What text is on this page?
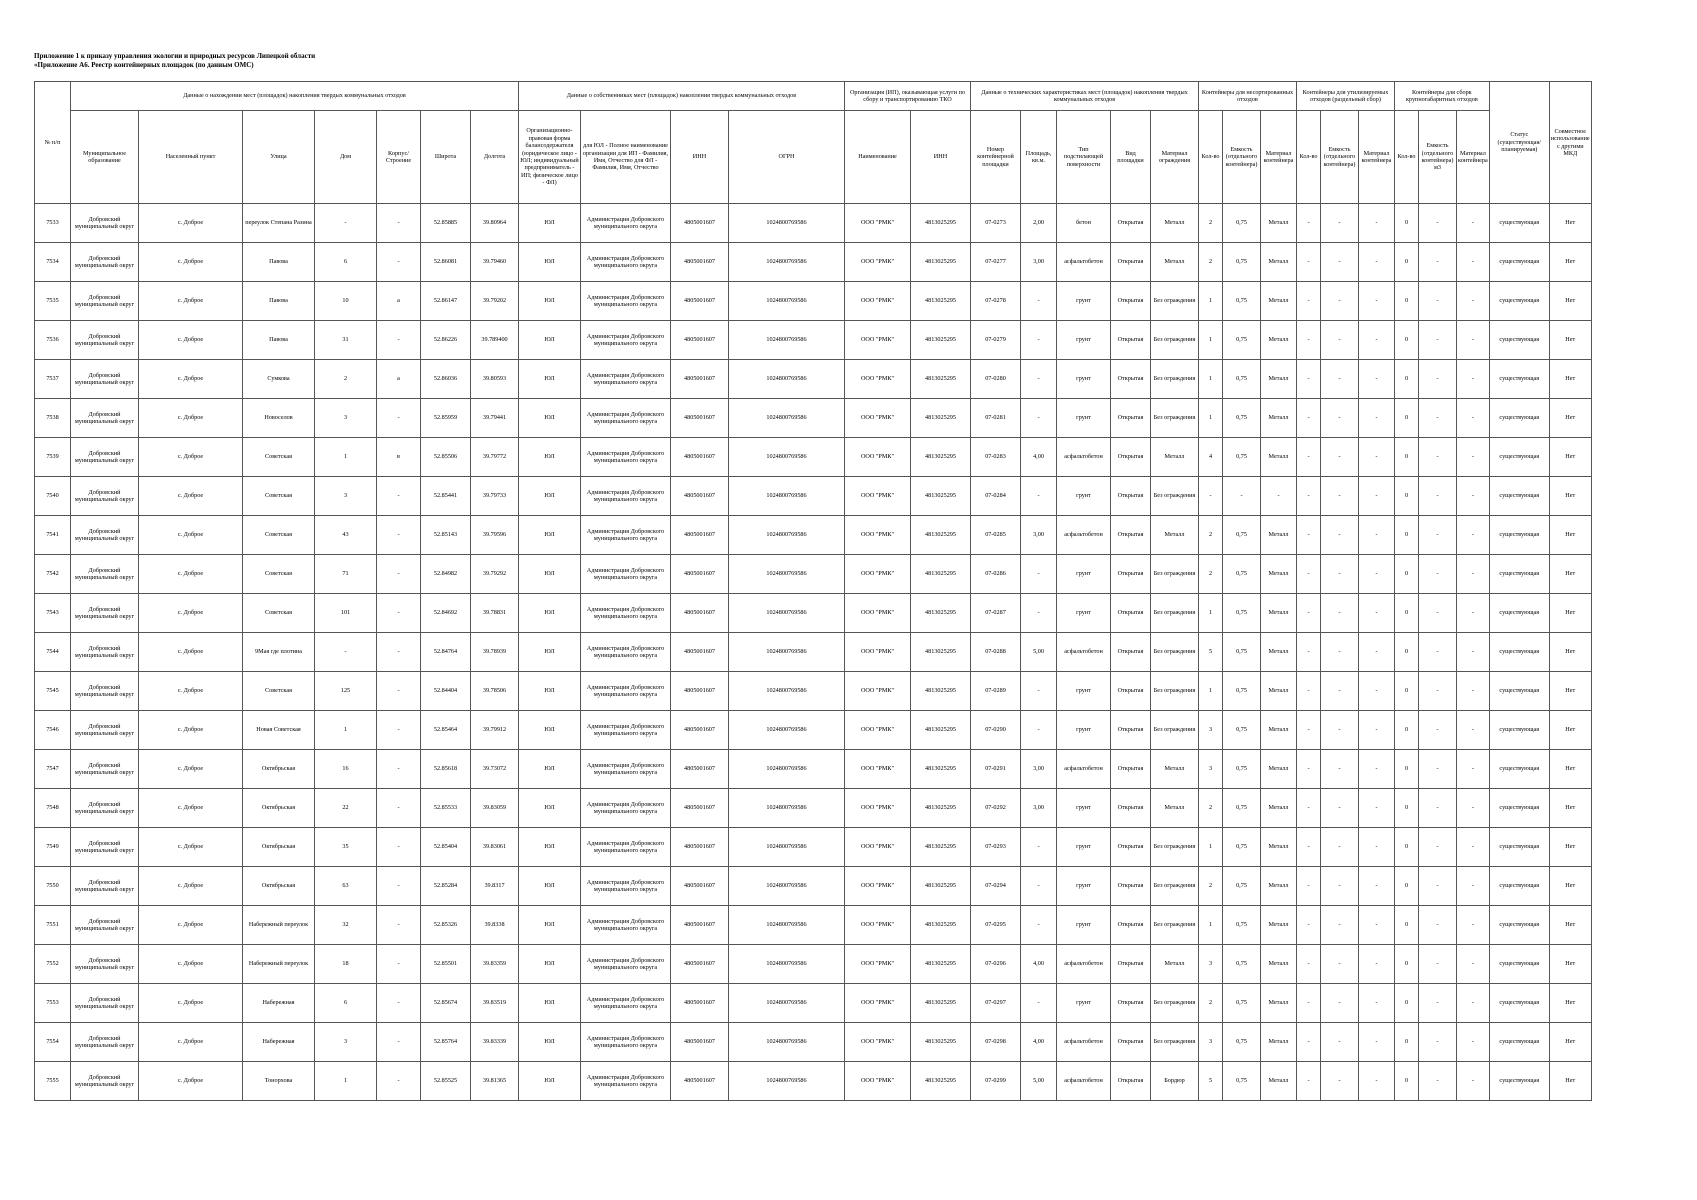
Приложение 1 к приказу управления экологии и природных ресурсов Липецкой области
«Приложение А6. Реестр контейнерных площадок (по данным ОМС)
№ п/п	Данные о нахождении мест (площадок) накопления твердых коммунальных отходов							Данные о собственниках мест (площадок) накопления твердых коммунальных отходов				Организация (ИП), оказывающая услуги по сбору и транспортированию ТКО		Данные о технических характеристиках мест (площадок) накопления твердых коммунальных отходов					Контейнеры для несортированных отходов			Контейнеры для утилизируемых отходов (раздельный сбор)			Контейнеры для сборк крупногабаритных отходов			Статус (существующая/ планируемая)	Совместное использование с другими МКД
	Муниципальное образование	Населенный пункт	Улица	Дом	Корпус/Строение	Широта	Долгота	Организационно-правовая форма балансодержателя (юридическое лицо - ЮЛ; индивидуальный предприниматель - ИП; физическое лицо - ФЛ)	для ЮЛ - Полное наименование организации для ИП - Фамилия, Имя, Отчество для ФЛ - Фамилия, Имя, Отчество	ИНН	ОГРН	Наименование	ИНН	Номер контейнерной площадки	Площадь, кв.м.	Тип подстилающей поверхности	Вид площадки	Материал ограждения	Кол-во	Емкость (отдельного контейнера)	Материал контейнера	Кол-во	Емкость (отдельного контейнера)	Материал контейнера	Кол-во	Емкость (отдельного контейнера) м3	Материал контейнера		
7533	Добровский муниципальный округ	с. Доброе	переулок Степана Разина	-	-	52.85885	39.80964	ЮЛ	Администрация Добровского муниципального округа	4805001607	1024800769586	ООО "РМК"	4813025295	07-0273	2,00	бетон	Открытая	Металл	2	0,75	Металл	-	-	-	0	-	-	существующая	Нет
7534	Добровский муниципальный округ	с. Доброе	Павова	6	-	52.86081	39.79460	ЮЛ	Администрация Добровского муниципального округа	4805001607	1024800769586	ООО "РМК"	4813025295	07-0277	3,00	асфальтобетон	Открытая	Металл	2	0,75	Металл	-	-	-	0	-	-	существующая	Нет
7535	Добровский муниципальный округ	с. Доброе	Павова	10	а	52.86147	39.79202	ЮЛ	Администрация Добровского муниципального округа	4805001607	1024800769586	ООО "РМК"	4813025295	07-0278	-	грунт	Открытая	Без ограждения	1	0,75	Металл	-	-	-	0	-	-	существующая	Нет
7536	Добровский муниципальный округ	с. Доброе	Павова	31	-	52.86226	39.789400	ЮЛ	Администрация Добровского муниципального округа	4805001607	1024800769586	ООО "РМК"	4813025295	07-0279	-	грунт	Открытая	Без ограждения	1	0,75	Металл	-	-	-	0	-	-	существующая	Нет
7537	Добровский муниципальный округ	с. Доброе	Сумкова	2	а	52.86036	39.80593	ЮЛ	Администрация Добровского муниципального округа	4805001607	1024800769586	ООО "РМК"	4813025295	07-0280	-	грунт	Открытая	Без ограждения	1	0,75	Металл	-	-	-	0	-	-	существующая	Нет
7538	Добровский муниципальный округ	с. Доброе	Новоселов	3	-	52.85959	39.79441	ЮЛ	Администрация Добровского муниципального округа	4805001607	1024800769586	ООО "РМК"	4813025295	07-0281	-	грунт	Открытая	Без ограждения	1	0,75	Металл	-	-	-	0	-	-	существующая	Нет
7539	Добровский муниципальный округ	с. Доброе	Советская	1	в	52.85506	39.79772	ЮЛ	Администрация Добровского муниципального округа	4805001607	1024800769586	ООО "РМК"	4813025295	07-0283	4,00	асфальтобетон	Открытая	Металл	4	0,75	Металл	-	-	-	0	-	-	существующая	Нет
7540	Добровский муниципальный округ	с. Доброе	Советская	3	-	52.85441	39.79733	ЮЛ	Администрация Добровского муниципального округа	4805001607	1024800769586	ООО "РМК"	4813025295	07-0284	-	грунт	Открытая	Без ограждения	-	-	-	-	-	-	0	-	-	существующая	Нет
7541	Добровский муниципальный округ	с. Доброе	Советская	43	-	52.85143	39.79596	ЮЛ	Администрация Добровского муниципального округа	4805001607	1024800769586	ООО "РМК"	4813025295	07-0285	3,00	асфальтобетон	Открытая	Металл	2	0,75	Металл	-	-	-	0	-	-	существующая	Нет
7542	Добровский муниципальный округ	с. Доброе	Советская	71	-	52.84982	39.79292	ЮЛ	Администрация Добровского муниципального округа	4805001607	1024800769586	ООО "РМК"	4813025295	07-0286	-	грунт	Открытая	Без ограждения	2	0,75	Металл	-	-	-	0	-	-	существующая	Нет
7543	Добровский муниципальный округ	с. Доброе	Советская	101	-	52.84692	39.78831	ЮЛ	Администрация Добровского муниципального округа	4805001607	1024800769586	ООО "РМК"	4813025295	07-0287	-	грунт	Открытая	Без ограждения	1	0,75	Металл	-	-	-	0	-	-	существующая	Нет
7544	Добровский муниципальный округ	с. Доброе	9Мая где плотина	-	-	52.84764	39.78939	ЮЛ	Администрация Добровского муниципального округа	4805001607	1024800769586	ООО "РМК"	4813025295	07-0288	5,00	асфальтобетон	Открытая	Без ограждения	5	0,75	Металл	-	-	-	0	-	-	существующая	Нет
7545	Добровский муниципальный округ	с. Доброе	Советская	125	-	52.84404	39.78506	ЮЛ	Администрация Добровского муниципального округа	4805001607	1024800769586	ООО "РМК"	4813025295	07-0289	-	грунт	Открытая	Без ограждения	1	0,75	Металл	-	-	-	0	-	-	существующая	Нет
7546	Добровский муниципальный округ	с. Доброе	Новая Советская	1	-	52.85464	39.79912	ЮЛ	Администрация Добровского муниципального округа	4805001607	1024800769586	ООО "РМК"	4813025295	07-0290	-	грунт	Открытая	Без ограждения	3	0,75	Металл	-	-	-	0	-	-	существующая	Нет
7547	Добровский муниципальный округ	с. Доброе	Октябрьская	16	-	52.85618	39.73072	ЮЛ	Администрация Добровского муниципального округа	4805001607	1024800769586	ООО "РМК"	4813025295	07-0291	3,00	асфальтобетон	Открытая	Металл	3	0,75	Металл	-	-	-	0	-	-	существующая	Нет
7548	Добровский муниципальный округ	с. Доброе	Октябрьская	22	-	52.85533	39.83059	ЮЛ	Администрация Добровского муниципального округа	4805001607	1024800769586	ООО "РМК"	4813025295	07-0292	3,00	грунт	Открытая	Металл	2	0,75	Металл	-	-	-	0	-	-	существующая	Нет
7549	Добровский муниципальный округ	с. Доброе	Октябрьская	35	-	52.85404	39.83061	ЮЛ	Администрация Добровского муниципального округа	4805001607	1024800769586	ООО "РМК"	4813025295	07-0293	-	грунт	Открытая	Без ограждения	1	0,75	Металл	-	-	-	0	-	-	существующая	Нет
7550	Добровский муниципальный округ	с. Доброе	Октябрьская	63	-	52.85284	39.8317	ЮЛ	Администрация Добровского муниципального округа	4805001607	1024800769586	ООО "РМК"	4813025295	07-0294	-	грунт	Открытая	Без ограждения	2	0,75	Металл	-	-	-	0	-	-	существующая	Нет
7551	Добровский муниципальный округ	с. Доброе	Набережный переулок	32	-	52.85326	39.8338	ЮЛ	Администрация Добровского муниципального округа	4805001607	1024800769586	ООО "РМК"	4813025295	07-0295	-	грунт	Открытая	Без ограждения	1	0,75	Металл	-	-	-	0	-	-	существующая	Нет
7552	Добровский муниципальный округ	с. Доброе	Набережный переулок	18	-	52.85501	39.83359	ЮЛ	Администрация Добровского муниципального округа	4805001607	1024800769586	ООО "РМК"	4813025295	07-0296	4,00	асфальтобетон	Открытая	Металл	3	0,75	Металл	-	-	-	0	-	-	существующая	Нет
7553	Добровский муниципальный округ	с. Доброе	Набережная	6	-	52.85674	39.83519	ЮЛ	Администрация Добровского муниципального округа	4805001607	1024800769586	ООО "РМК"	4813025295	07-0297	-	грунт	Открытая	Без ограждения	2	0,75	Металл	-	-	-	0	-	-	существующая	Нет
7554	Добровский муниципальный округ	с. Доброе	Набережная	3	-	52.85764	39.83339	ЮЛ	Администрация Добровского муниципального округа	4805001607	1024800769586	ООО "РМК"	4813025295	07-0298	4,00	асфальтобетон	Открытая	Без ограждения	3	0,75	Металл	-	-	-	0	-	-	существующая	Нет
7555	Добровский муниципальный округ	с. Доброе	Тонорхова	1	-	52.85525	39.81365	ЮЛ	Администрация Добровского муниципального округа	4805001607	1024800769586	ООО "РМК"	4813025295	07-0299	5,00	асфальтобетон	Открытая	Бордюр	5	0,75	Металл	-	-	-	0	-	-	существующая	Нет
